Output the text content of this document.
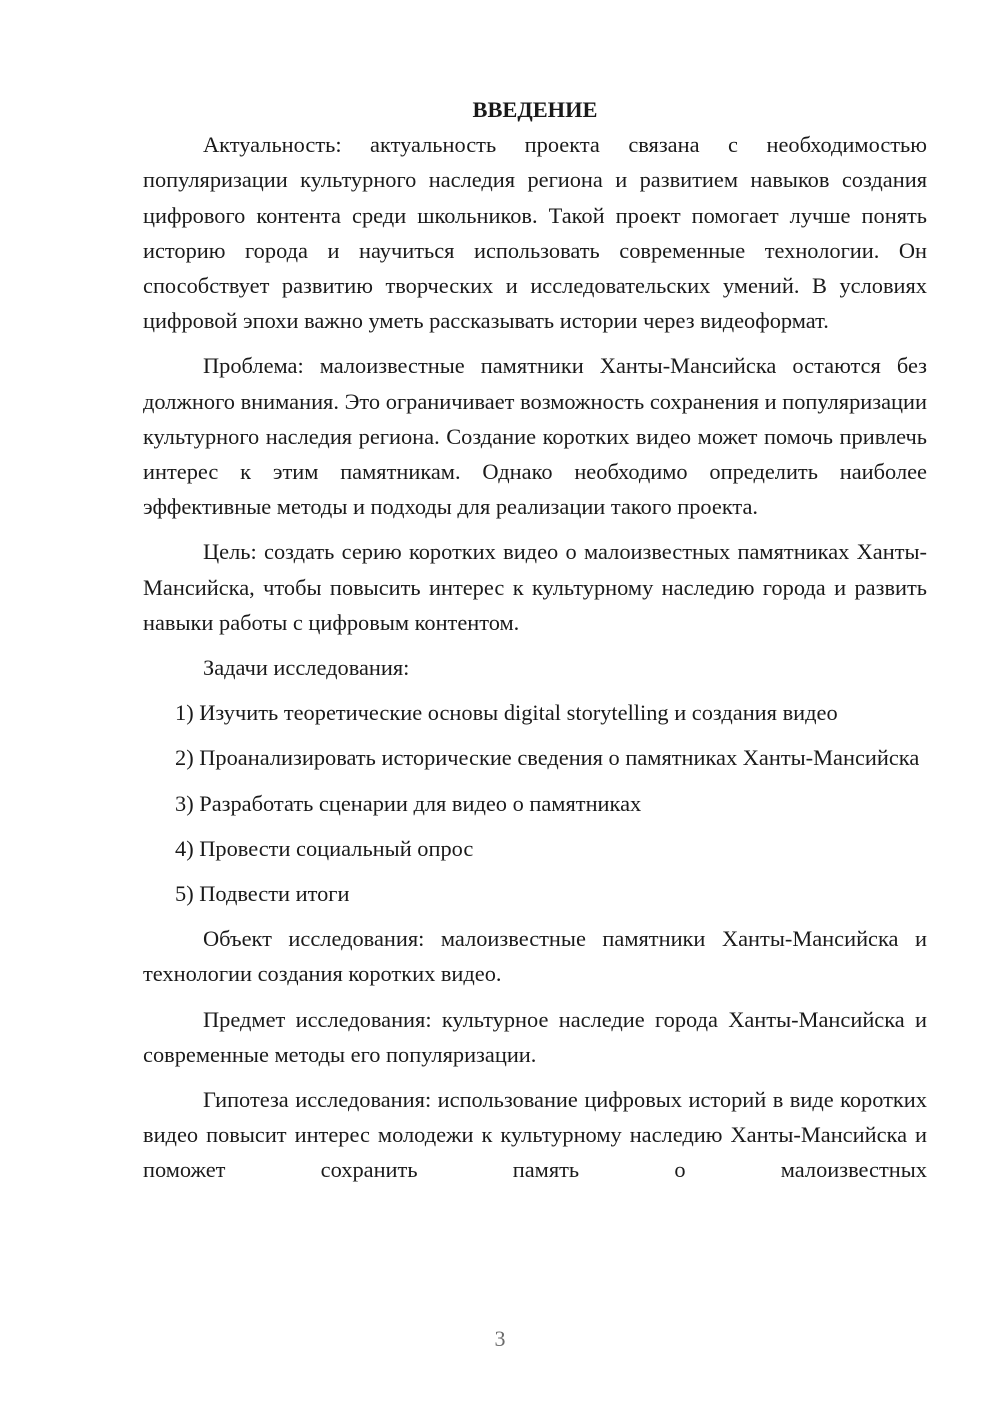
ВВЕДЕНИЕ

Актуальность: актуальность проекта связана с необходимостью популяризации культурного наследия региона и развитием навыков создания цифрового контента среди школьников. Такой проект помогает лучше понять историю города и научиться использовать современные технологии. Он способствует развитию творческих и исследовательских умений. В условиях цифровой эпохи важно уметь рассказывать истории через видеоформат.

Проблема: малоизвестные памятники Ханты-Мансийска остаются без должного внимания. Это ограничивает возможность сохранения и популяризации культурного наследия региона. Создание коротких видео может помочь привлечь интерес к этим памятникам. Однако необходимо определить наиболее эффективные методы и подходы для реализации такого проекта.

Цель: создать серию коротких видео о малоизвестных памятниках Ханты-Мансийска, чтобы повысить интерес к культурному наследию города и развить навыки работы с цифровым контентом.

Задачи исследования:

1) Изучить теоретические основы digital storytelling и создания видео

2) Проанализировать исторические сведения о памятниках Ханты-Мансийска

3) Разработать сценарии для видео о памятниках

4) Провести социальный опрос

5) Подвести итоги

Объект исследования: малоизвестные памятники Ханты-Мансийска и технологии создания коротких видео.

Предмет исследования: культурное наследие города Ханты-Мансийска и современные методы его популяризации.

Гипотеза исследования: использование цифровых историй в виде коротких видео повысит интерес молодежи к культурному наследию Ханты-Мансийска и поможет сохранить память о малоизвестных

3
